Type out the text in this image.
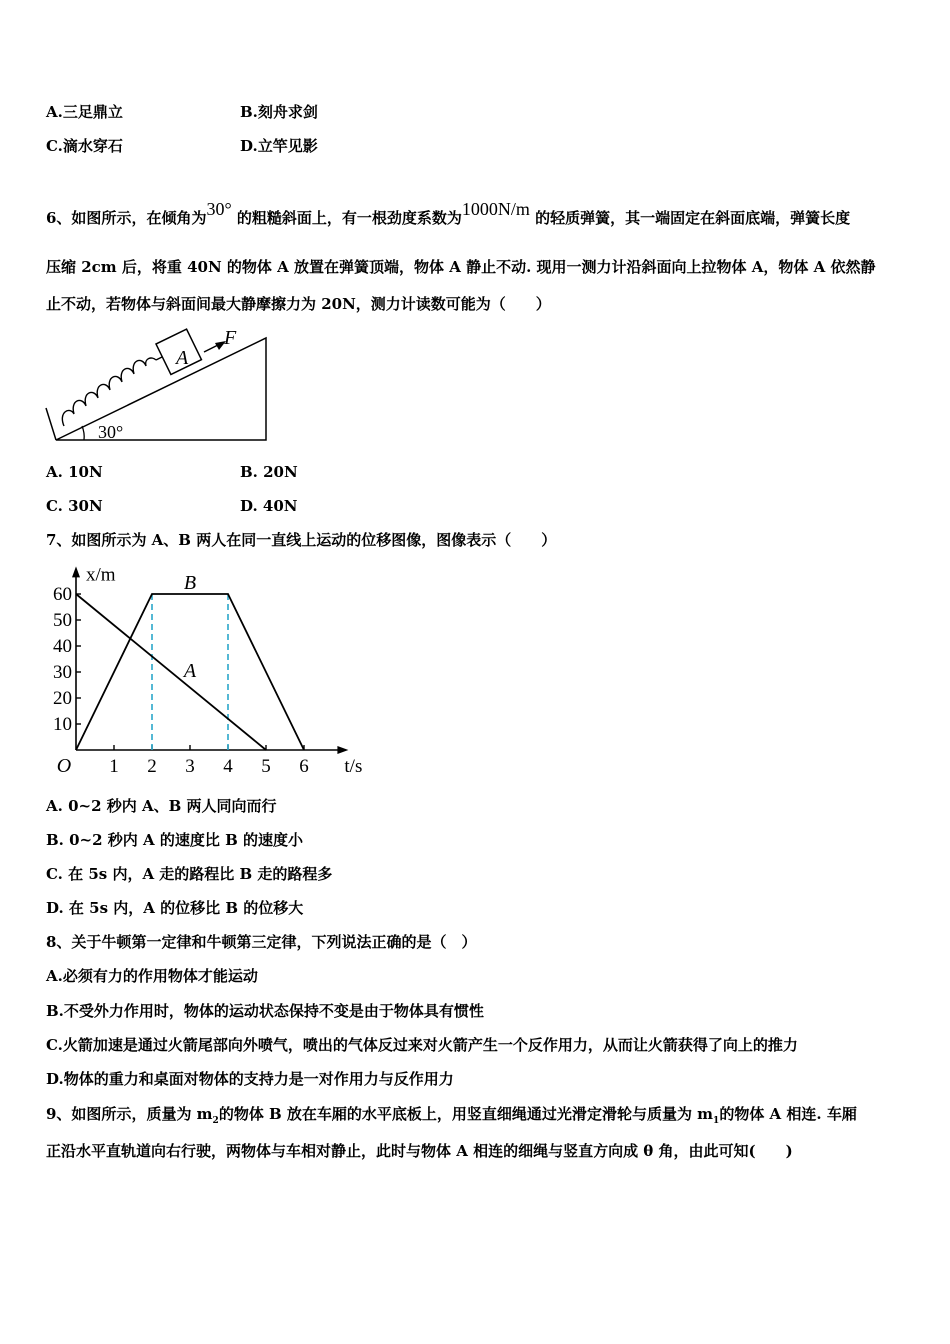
A.三足鼎立	B.刻舟求剑
C.滴水穿石	D.立竿见影
6、如图所示，在倾角为30° 的粗糙斜面上，有一根劲度系数为1000N/m 的轻质弹簧，其一端固定在斜面底端，弹簧长度
压缩 2cm 后，将重 40N 的物体 A 放置在弹簧顶端，物体 A 静止不动. 现用一测力计沿斜面向上拉物体 A，物体 A 依然静
止不动，若物体与斜面间最大静摩擦力为 20N，测力计读数可能为（　　）
A
F
30°
A. 10N	B. 20N
C. 30N	D. 40N
7、如图所示为 A、B 两人在同一直线上运动的位移图像，图像表示（　　）
1 2 3 4 5 6
10
20
30
40
50
60
O	t/s
x/m
A
B
A. 0~2 秒内 A、B 两人同向而行
B. 0~2 秒内 A 的速度比 B 的速度小
C. 在 5s 内，A 走的路程比 B 走的路程多
D. 在 5s 内，A 的位移比 B 的位移大
8、关于牛顿第一定律和牛顿第三定律，下列说法正确的是（　）
A.必须有力的作用物体才能运动
B.不受外力作用时，物体的运动状态保持不变是由于物体具有惯性
C.火箭加速是通过火箭尾部向外喷气，喷出的气体反过来对火箭产生一个反作用力，从而让火箭获得了向上的推力
D.物体的重力和桌面对物体的支持力是一对作用力与反作用力
9、如图所示，质量为 $m_2$的物体 B 放在车厢的水平底板上，用竖直细绳通过光滑定滑轮与质量为 $m_1$的物体 A 相连. 车厢
正沿水平直轨道向右行驶，两物体与车相对静止，此时与物体 A 相连的细绳与竖直方向成 θ 角，由此可知(　　)
